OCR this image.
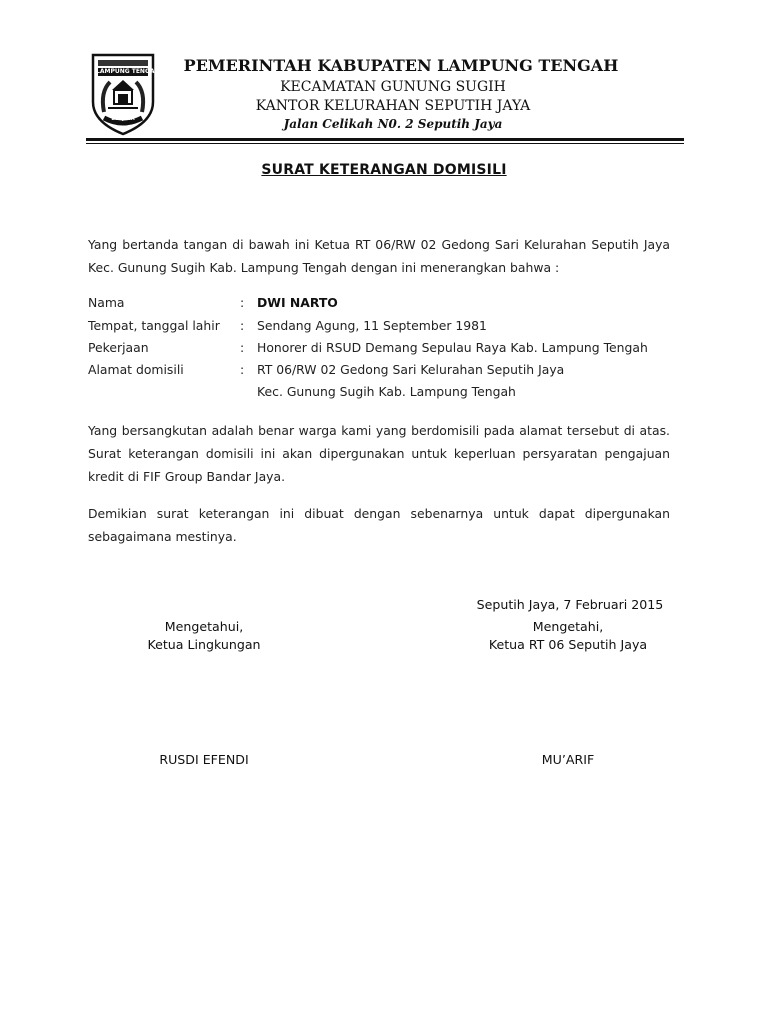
LAMPUNG TENGAH
BERJAYA
PEMERINTAH KABUPATEN LAMPUNG TENGAH
KECAMATAN GUNUNG SUGIH
KANTOR KELURAHAN SEPUTIH JAYA
Jalan Celikah N0. 2 Seputih Jaya
SURAT KETERANGAN DOMISILI
Yang bertanda tangan di bawah ini Ketua RT 06/RW 02 Gedong Sari Kelurahan Seputih Jaya Kec. Gunung Sugih Kab. Lampung Tengah dengan ini menerangkan bahwa :
Nama	: DWI NARTO
Tempat, tanggal lahir : Sendang Agung, 11 September 1981
Pekerjaan	: Honorer di RSUD Demang Sepulau Raya Kab. Lampung Tengah
Alamat domisili	: RT 06/RW 02 Gedong Sari Kelurahan Seputih Jaya
Kec. Gunung Sugih Kab. Lampung Tengah
Yang bersangkutan adalah benar warga kami yang berdomisili pada alamat tersebut di atas. Surat keterangan domisili ini akan dipergunakan untuk keperluan persyaratan pengajuan kredit di FIF Group Bandar Jaya.
Demikian surat keterangan ini dibuat dengan sebenarnya untuk dapat dipergunakan sebagaimana mestinya.
Seputih Jaya, 7 Februari 2015
Mengetahui,
Ketua Lingkungan
Mengetahi,
Ketua RT 06 Seputih Jaya
RUSDI EFENDI	MU’ARIF
